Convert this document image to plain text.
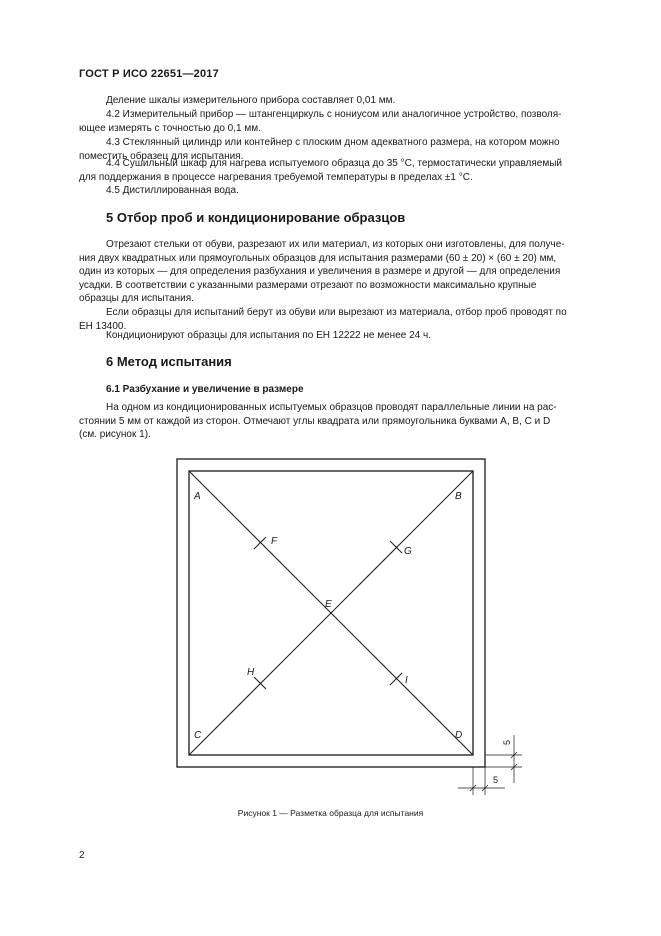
ГОСТ Р ИСО 22651—2017
Деление шкалы измерительного прибора составляет 0,01 мм.
4.2 Измерительный прибор — штангенциркуль с нониусом или аналогичное устройство, позволя-
ющее измерять с точностью до 0,1 мм.
4.3 Стеклянный цилиндр или контейнер с плоским дном адекватного размера, на котором можно
поместить образец для испытания.
4.4 Сушильный шкаф для нагрева испытуемого образца до 35 °С, термостатически управляемый
для поддержания в процессе нагревания требуемой температуры в пределах ±1 °С.
4.5 Дистиллированная вода.
5 Отбор проб и кондиционирование образцов
Отрезают стельки от обуви, разрезают их или материал, из которых они изготовлены, для получе-
ния двух квадратных или прямоугольных образцов для испытания размерами (60 ± 20) × (60 ± 20) мм,
один из которых — для определения разбухания и увеличения в размере и другой — для определения
усадки. В соответствии с указанными размерами отрезают по возможности максимально крупные
образцы для испытания.
Если образцы для испытаний берут из обуви или вырезают из материала, отбор проб проводят по
ЕН 13400.
Кондиционируют образцы для испытания по ЕН 12222 не менее 24 ч.
6 Метод испытания
6.1 Разбухание и увеличение в размере
На одном из кондиционированных испытуемых образцов проводят параллельные линии на рас-
стоянии 5 мм от каждой из сторон. Отмечают углы квадрата или прямоугольника буквами A, B, C и D
(см. рисунок 1).
A	B
C	D
E
F
G
H
I
5
5
Рисунок 1 — Разметка образца для испытания
2
